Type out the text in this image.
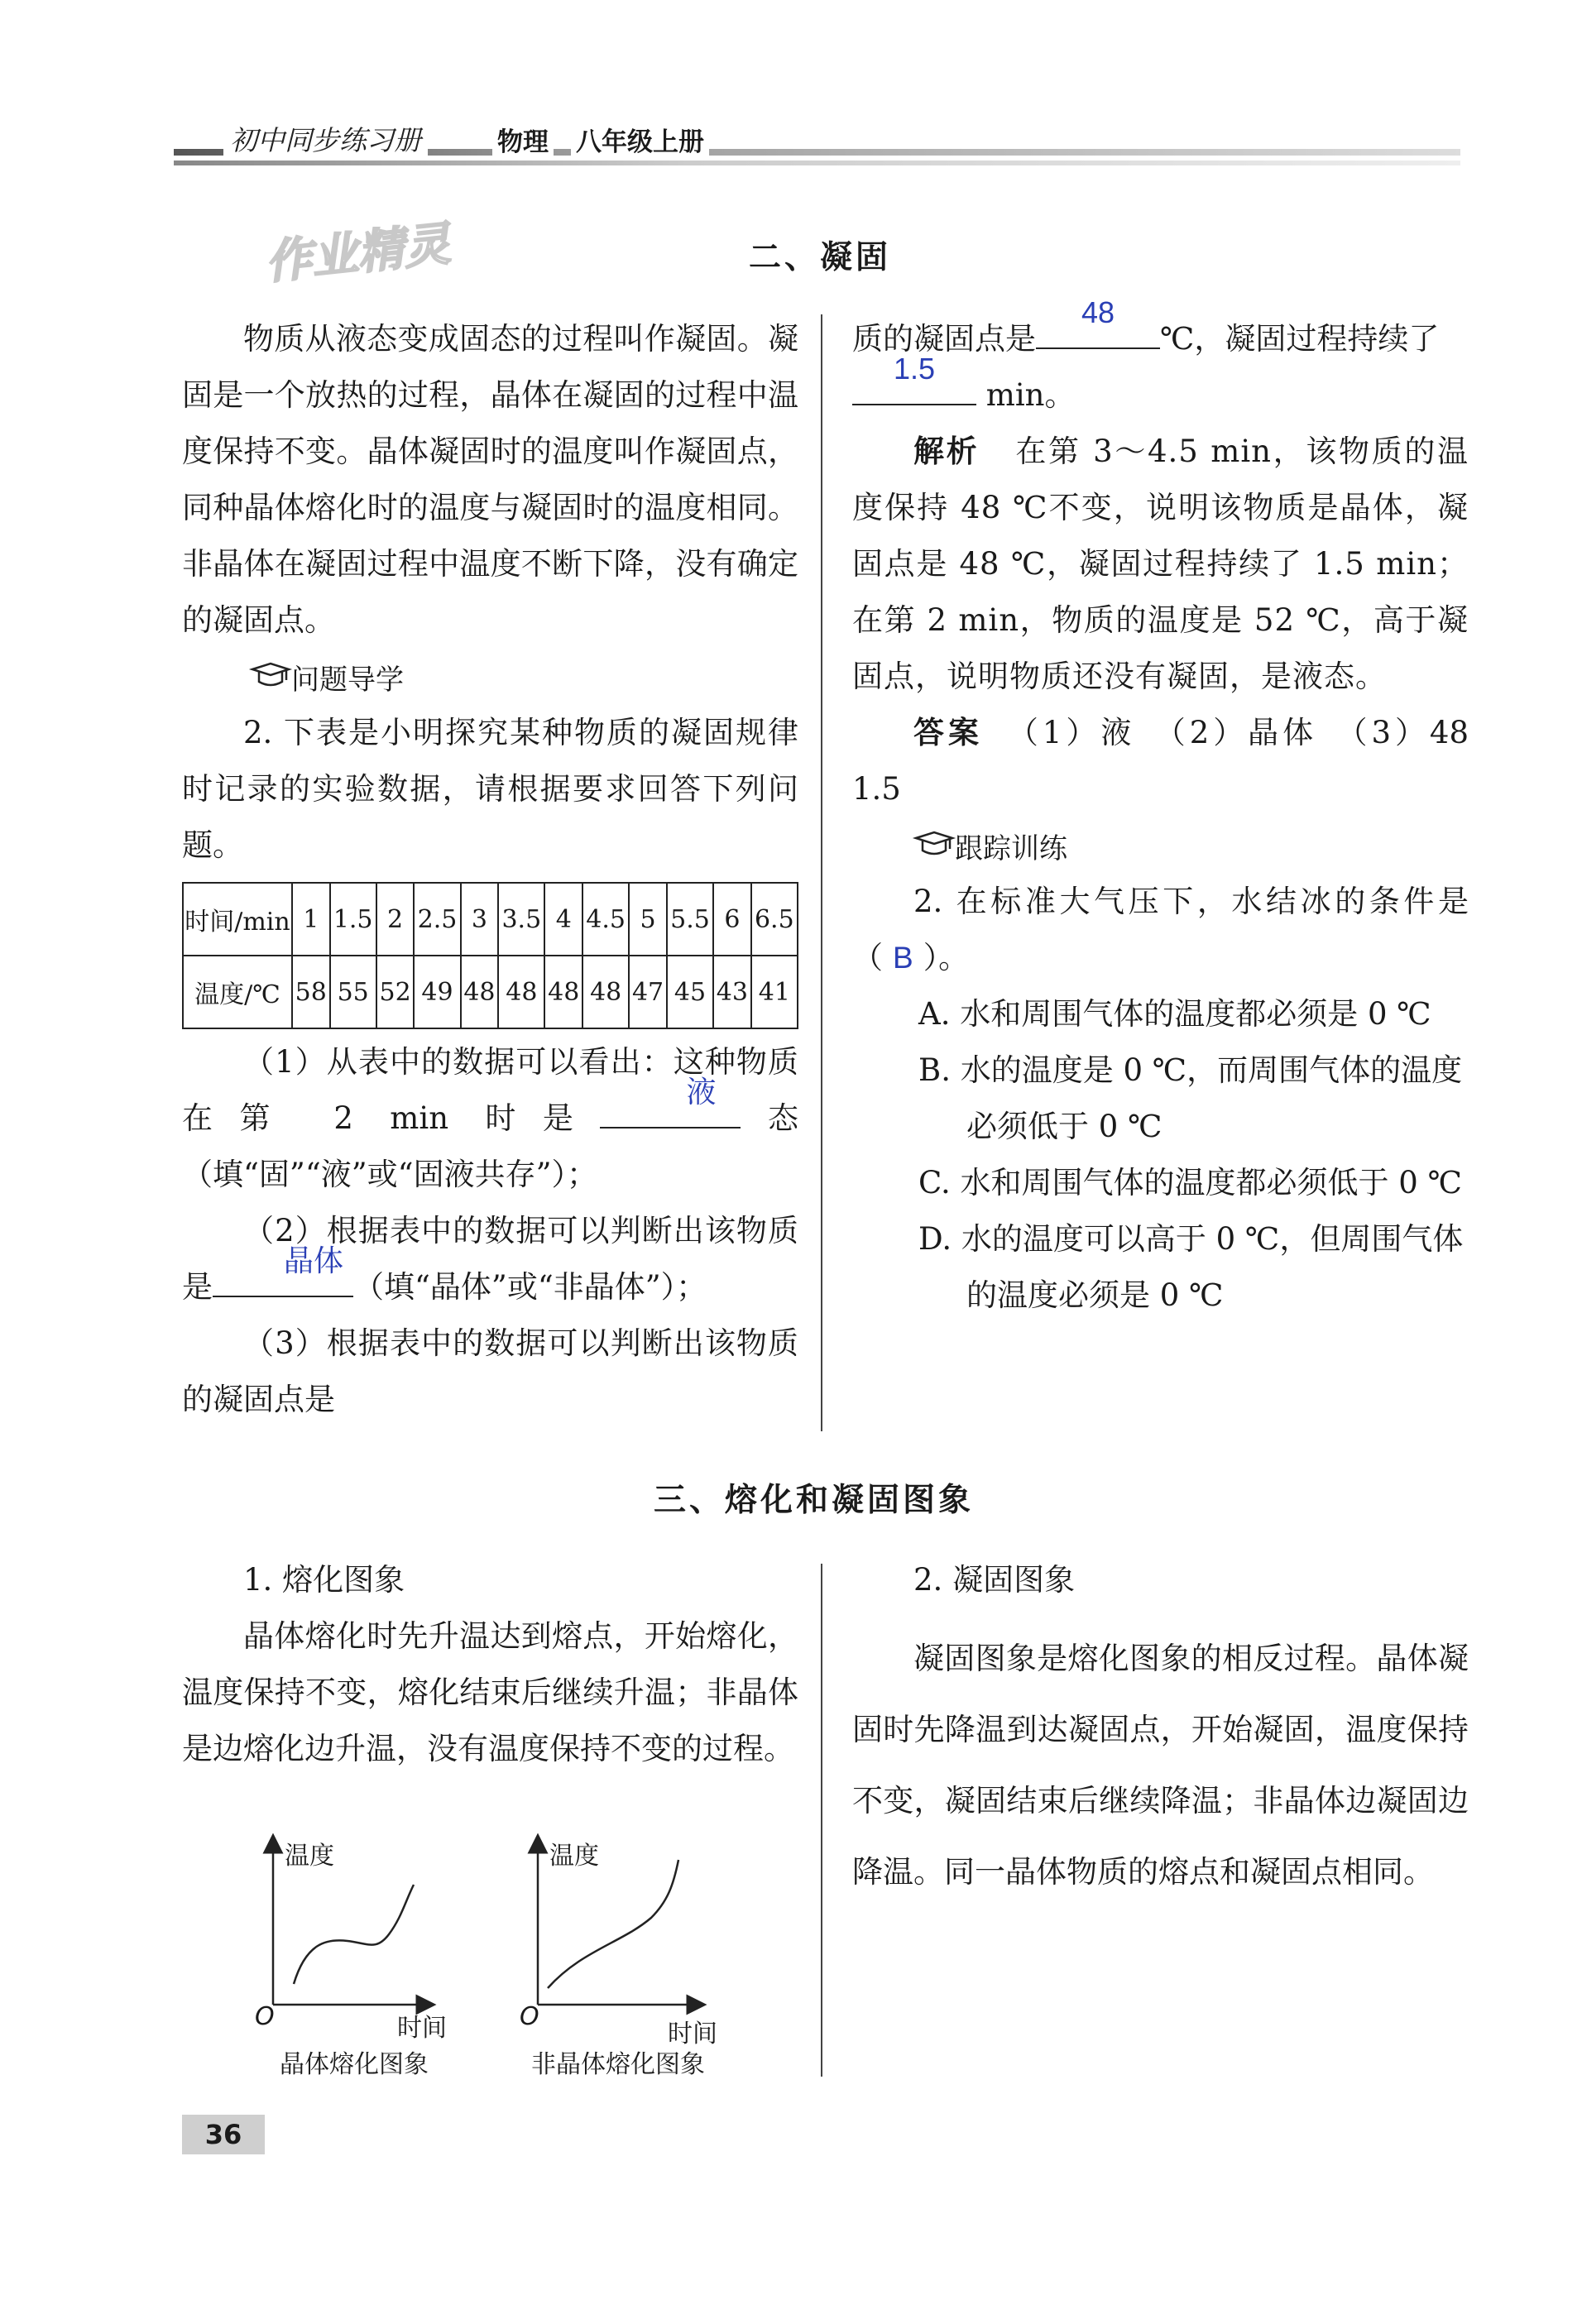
初中同步练习册	物理 八年级上册
作业精灵	二、凝固

物质从液态变成固态的过程叫作凝固。凝固是一个放热的过程，晶体在凝固的过程中温度保持不变。晶体凝固时的温度叫作凝固点，同种晶体熔化时的温度与凝固时的温度相同。非晶体在凝固过程中温度不断下降，没有确定的凝固点。

问题导学

2. 下表是小明探究某种物质的凝固规律时记录的实验数据，请根据要求回答下列问题。

时间/min	1	1.5	2	2.5	3	3.5	4	4.5	5	5.5	6	6.5
温度/℃	58	55	52	49	48	48	48	48	47	45	43	41

（1）从表中的数据可以看出：这种物质在第 2 min 时是
液
态（填“固”“液”或“固液共存”）；

（2）根据表中的数据可以判断出该物质是
晶体
（填“晶体”或“非晶体”）；

（3）根据表中的数据可以判断出该物质的凝固点是

质的凝固点是
48
℃，凝固过程持续了

1.5
min。

解析 在第 3～4.5 min，该物质的温度保持 48 ℃不变，说明该物质是晶体，凝固点是 48 ℃，凝固过程持续了 1.5 min；在第 2 min，物质的温度是 52 ℃，高于凝固点，说明物质还没有凝固，是液态。

答案 （1）液　（2）晶体　（3）48　1.5

跟踪训练

2. 在标准大气压下，水结冰的条件是（ B ）。

A. 水和周围气体的温度都必须是 0 ℃

B. 水的温度是 0 ℃，而周围气体的温度必须低于 0 ℃

C. 水和周围气体的温度都必须低于 0 ℃

D. 水的温度可以高于 0 ℃，但周围气体的温度必须是 0 ℃

三、熔化和凝固图象

1. 熔化图象

晶体熔化时先升温达到熔点，开始熔化，温度保持不变，熔化结束后继续升温；非晶体是边熔化边升温，没有温度保持不变的过程。

温度
O	时间
晶体熔化图象
温度
O
时间
非晶体熔化图象

2. 凝固图象

凝固图象是熔化图象的相反过程。晶体凝固时先降温到达凝固点，开始凝固，温度保持不变，凝固结束后继续降温；非晶体边凝固边降温。同一晶体物质的熔点和凝固点相同。

36
